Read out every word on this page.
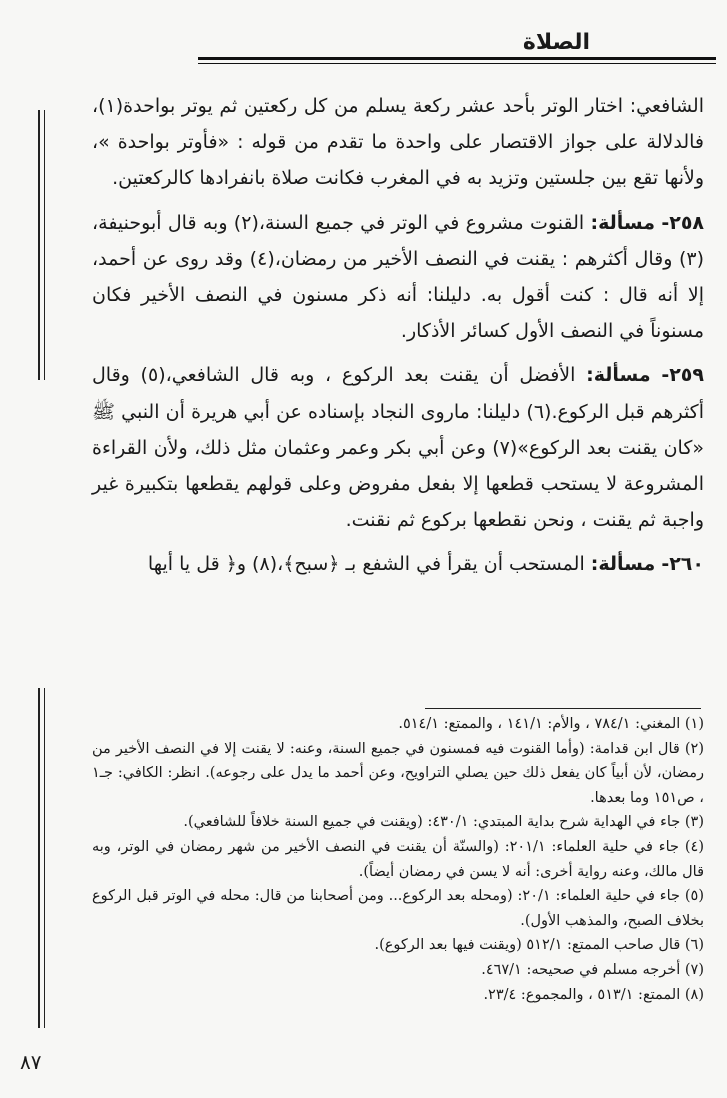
الصلاة

الشافعي: اختار الوتر بأحد عشر ركعة يسلم من كل ركعتين ثم يوتر بواحدة(١)، فالدلالة على جواز الاقتصار على واحدة ما تقدم من قوله : «فأوتر بواحدة »، ولأنها تقع بين جلستين وتزيد به في المغرب فكانت صلاة بانفرادها كالركعتين.

٢٥٨- مسألة: القنوت مشروع في الوتر في جميع السنة،(٢) وبه قال أبوحنيفة،(٣) وقال أكثرهم : يقنت في النصف الأخير من رمضان،(٤) وقد روى عن أحمد، إلا أنه قال : كنت أقول به. دليلنا: أنه ذكر مسنون في النصف الأخير فكان مسنوناً في النصف الأول كسائر الأذكار.

٢٥٩- مسألة: الأفضل أن يقنت بعد الركوع ، وبه قال الشافعي،(٥) وقال أكثرهم قبل الركوع.(٦) دليلنا: ماروى النجاد بإسناده عن أبي هريرة أن النبي ﷺ «كان يقنت بعد الركوع»(٧) وعن أبي بكر وعمر وعثمان مثل ذلك، ولأن القراءة المشروعة لا يستحب قطعها إلا بفعل مفروض وعلى قولهم يقطعها بتكبيرة غير واجبة ثم يقنت ، ونحن نقطعها بركوع ثم نقنت.

٢٦٠- مسألة: المستحب أن يقرأ في الشفع بـ ﴿سبح﴾،(٨) و﴿ قل يا أيها

(١) المغني: ٧٨٤/١ ، والأم: ١٤١/١ ، والممتع: ٥١٤/١.

(٢) قال ابن قدامة: (وأما القنوت فيه فمسنون في جميع السنة، وعنه: لا يقنت إلا في النصف الأخير من رمضان، لأن أبياً كان يفعل ذلك حين يصلي التراويح، وعن أحمد ما يدل على رجوعه). انظر: الكافي: جـ١ ، ص١٥١ وما بعدها.

(٣) جاء في الهداية شرح بداية المبتدي: ٤٣٠/١: (ويقنت في جميع السنة خلافاً للشافعي).

(٤) جاء في حلية العلماء: ٢٠١/١: (والسنّة أن يقنت في النصف الأخير من شهر رمضان في الوتر، وبه قال مالك، وعنه رواية أخرى: أنه لا يسن في رمضان أيضاً).

(٥) جاء في حلية العلماء: ٢٠/١: (ومحله بعد الركوع... ومن أصحابنا من قال: محله في الوتر قبل الركوع بخلاف الصبح، والمذهب الأول).

(٦) قال صاحب الممتع: ٥١٢/١ (ويقنت فيها بعد الركوع).

(٧) أخرجه مسلم في صحيحه: ٤٦٧/١.

(٨) الممتع: ٥١٣/١ ، والمجموع: ٢٣/٤.

٨٧
